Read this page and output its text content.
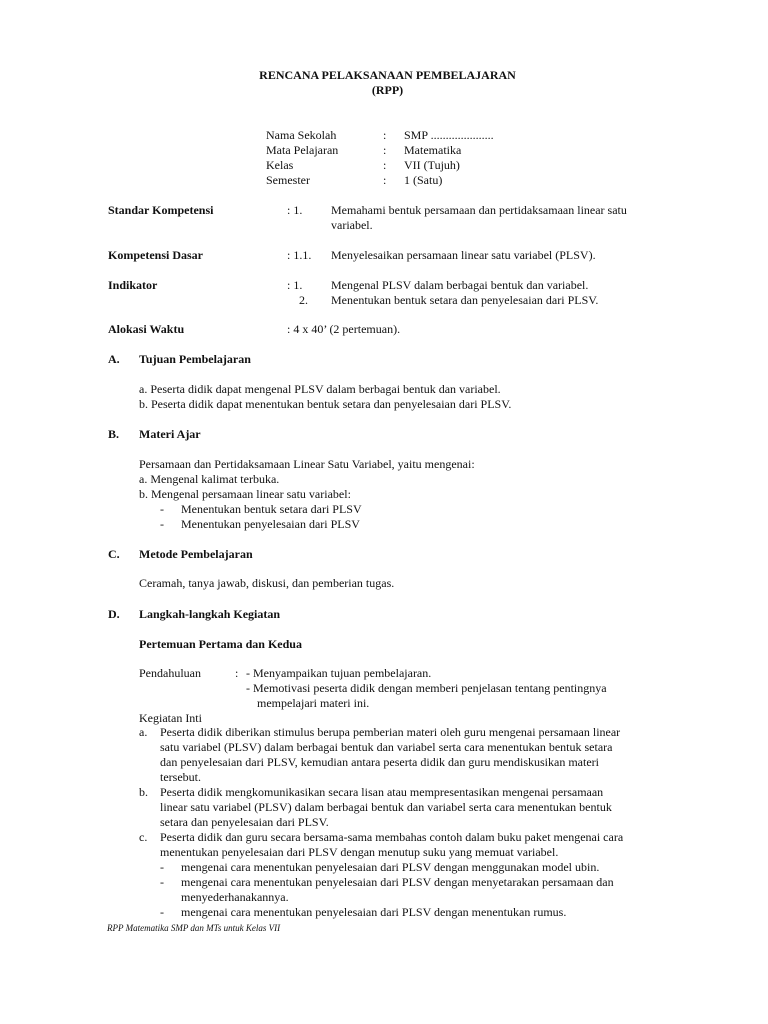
RENCANA PELAKSANAAN PEMBELAJARAN
(RPP)
Nama Sekolah	: SMP .....................
Mata Pelajaran	: Matematika
Kelas	: VII (Tujuh)
Semester	: 1 (Satu)
Standar Kompetensi	: 1. Memahami bentuk persamaan dan pertidaksamaan linear satu
variabel.
Kompetensi Dasar	: 1.1. Menyelesaikan persamaan linear satu variabel (PLSV).
Indikator	: 1. Mengenal PLSV dalam berbagai bentuk dan variabel.
2. Menentukan bentuk setara dan penyelesaian dari PLSV.
Alokasi Waktu	: 4 x 40’ (2 pertemuan).
A. Tujuan Pembelajaran
a. Peserta didik dapat mengenal PLSV dalam berbagai bentuk dan variabel.
b. Peserta didik dapat menentukan bentuk setara dan penyelesaian dari PLSV.
B. Materi Ajar
Persamaan dan Pertidaksamaan Linear Satu Variabel, yaitu mengenai:
a. Mengenal kalimat terbuka.
b. Mengenal persamaan linear satu variabel:
- Menentukan bentuk setara dari PLSV
- Menentukan penyelesaian dari PLSV
C. Metode Pembelajaran
Ceramah, tanya jawab, diskusi, dan pemberian tugas.
D. Langkah-langkah Kegiatan
Pertemuan Pertama dan Kedua
Pendahuluan	: - Menyampaikan tujuan pembelajaran.
- Memotivasi peserta didik dengan memberi penjelasan tentang pentingnya
mempelajari materi ini.
Kegiatan Inti
a. Peserta didik diberikan stimulus berupa pemberian materi oleh guru mengenai persamaan linear
satu variabel (PLSV) dalam berbagai bentuk dan variabel serta cara menentukan bentuk setara
dan penyelesaian dari PLSV, kemudian antara peserta didik dan guru mendiskusikan materi
tersebut.
b. Peserta didik mengkomunikasikan secara lisan atau mempresentasikan mengenai persamaan
linear satu variabel (PLSV) dalam berbagai bentuk dan variabel serta cara menentukan bentuk
setara dan penyelesaian dari PLSV.
c. Peserta didik dan guru secara bersama-sama membahas contoh dalam buku paket mengenai cara
menentukan penyelesaian dari PLSV dengan menutup suku yang memuat variabel.
- mengenai cara menentukan penyelesaian dari PLSV dengan menggunakan model ubin.
- mengenai cara menentukan penyelesaian dari PLSV dengan menyetarakan persamaan dan
menyederhanakannya.
- mengenai cara menentukan penyelesaian dari PLSV dengan menentukan rumus.
RPP Matematika SMP dan MTs untuk Kelas VII
